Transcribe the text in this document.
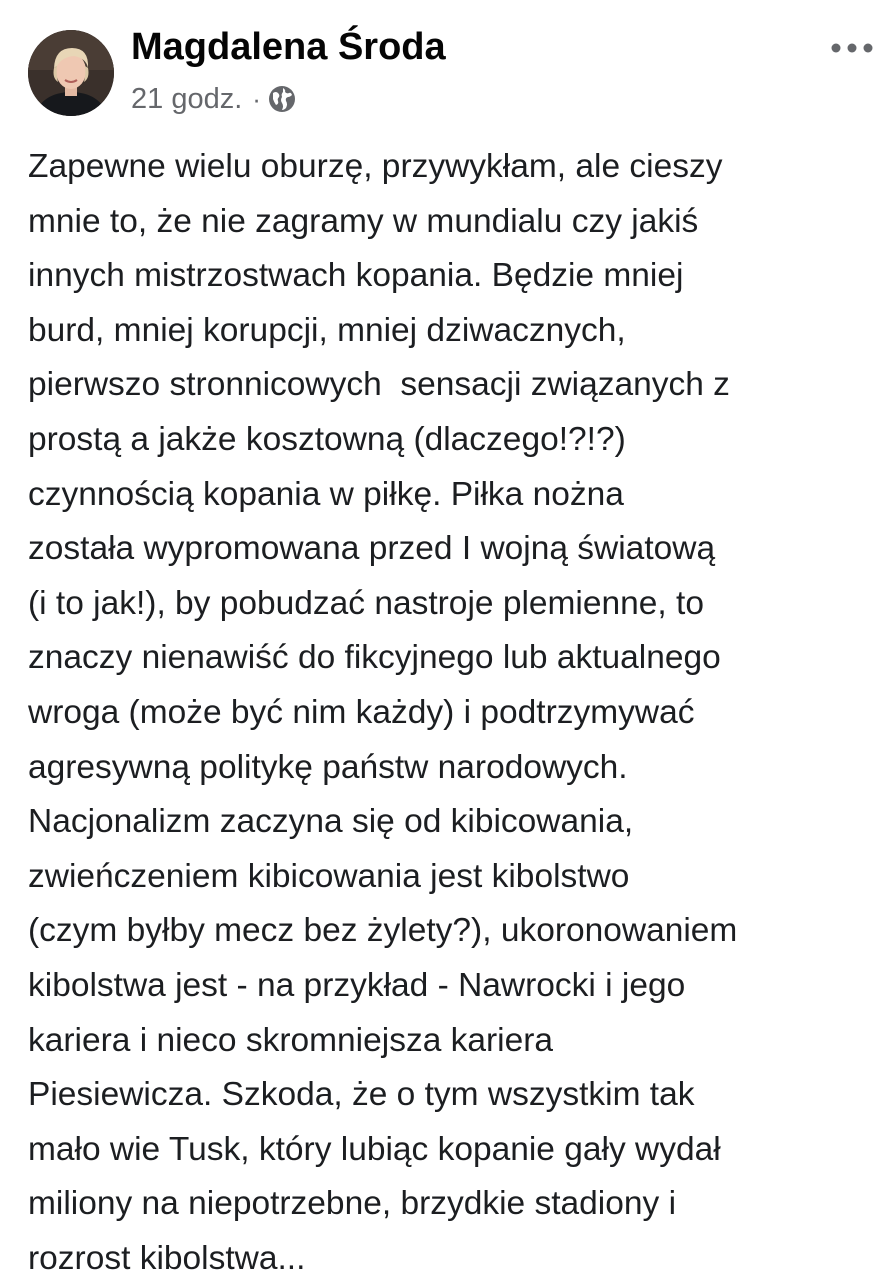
Magdalena Środa
21 godz. ·
Zapewne wielu oburzę, przywykłam, ale cieszy
mnie to, że nie zagramy w mundialu czy jakiś
innych mistrzostwach kopania. Będzie mniej
burd, mniej korupcji, mniej dziwacznych,
pierwszo stronnicowych  sensacji związanych z
prostą a jakże kosztowną (dlaczego!?!?)
czynnością kopania w piłkę. Piłka nożna
została wypromowana przed I wojną światową
(i to jak!), by pobudzać nastroje plemienne, to
znaczy nienawiść do fikcyjnego lub aktualnego
wroga (może być nim każdy) i podtrzymywać
agresywną politykę państw narodowych.
Nacjonalizm zaczyna się od kibicowania,
zwieńczeniem kibicowania jest kibolstwo
(czym byłby mecz bez żylety?), ukoronowaniem
kibolstwa jest - na przykład - Nawrocki i jego
kariera i nieco skromniejsza kariera
Piesiewicza. Szkoda, że o tym wszystkim tak
mało wie Tusk, który lubiąc kopanie gały wydał
miliony na niepotrzebne, brzydkie stadiony i
rozrost kibolstwa...
